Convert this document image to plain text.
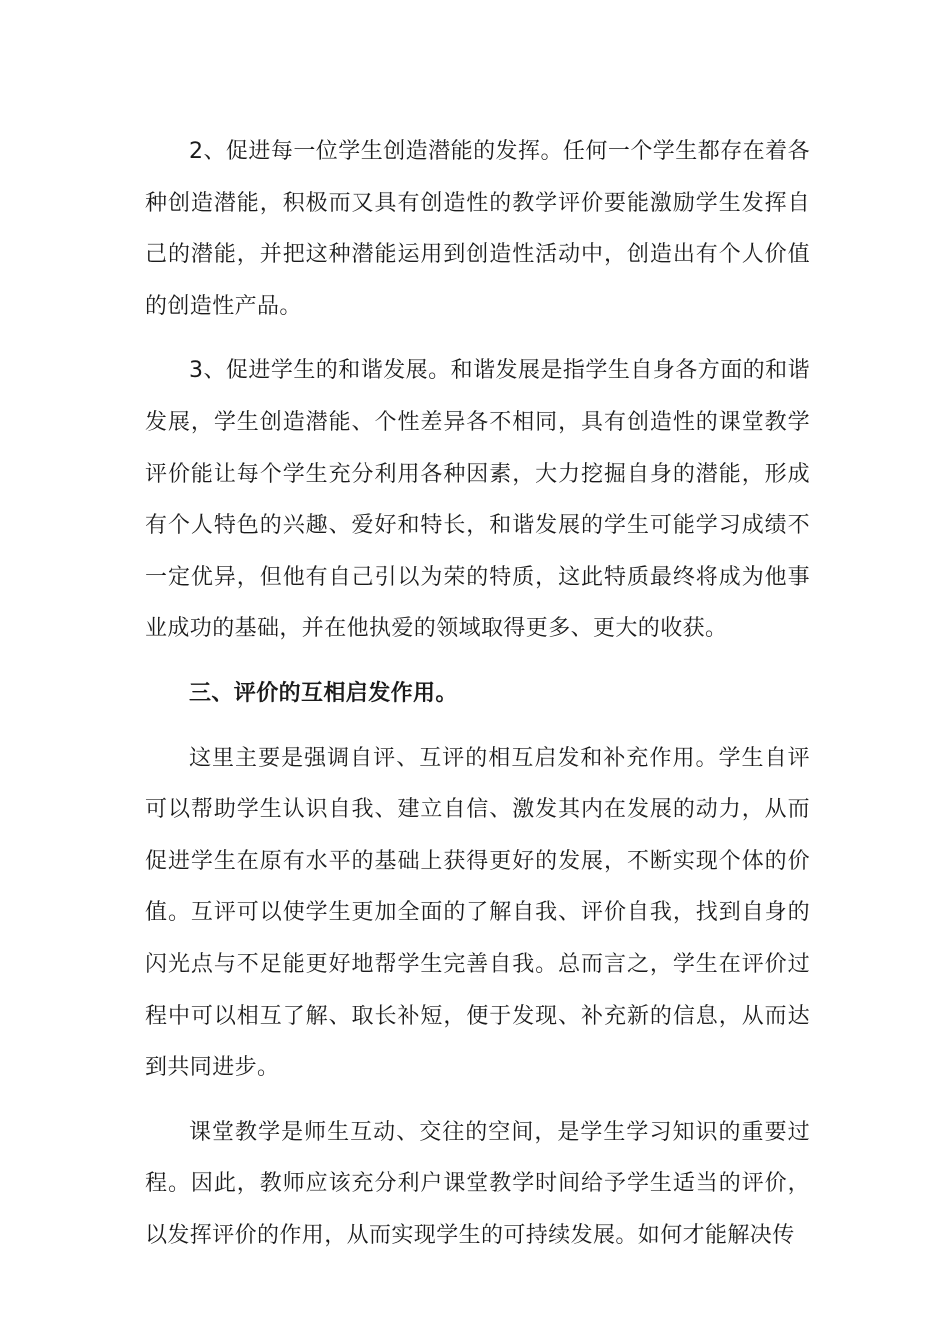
2、促进每一位学生创造潜能的发挥。任何一个学生都存在着各种创造潜能，积极而又具有创造性的教学评价要能激励学生发挥自己的潜能，并把这种潜能运用到创造性活动中，创造出有个人价值的创造性产品。

3、促进学生的和谐发展。和谐发展是指学生自身各方面的和谐发展，学生创造潜能、个性差异各不相同，具有创造性的课堂教学评价能让每个学生充分利用各种因素，大力挖掘自身的潜能，形成有个人特色的兴趣、爱好和特长，和谐发展的学生可能学习成绩不一定优异，但他有自己引以为荣的特质，这此特质最终将成为他事业成功的基础，并在他执爱的领域取得更多、更大的收获。

三、评价的互相启发作用。

这里主要是强调自评、互评的相互启发和补充作用。学生自评可以帮助学生认识自我、建立自信、激发其内在发展的动力，从而促进学生在原有水平的基础上获得更好的发展，不断实现个体的价值。互评可以使学生更加全面的了解自我、评价自我，找到自身的闪光点与不足能更好地帮学生完善自我。总而言之，学生在评价过程中可以相互了解、取长补短，便于发现、补充新的信息，从而达到共同进步。

课堂教学是师生互动、交往的空间，是学生学习知识的重要过程。因此，教师应该充分利户课堂教学时间给予学生适当的评价，以发挥评价的作用，从而实现学生的可持续发展。如何才能解决传
